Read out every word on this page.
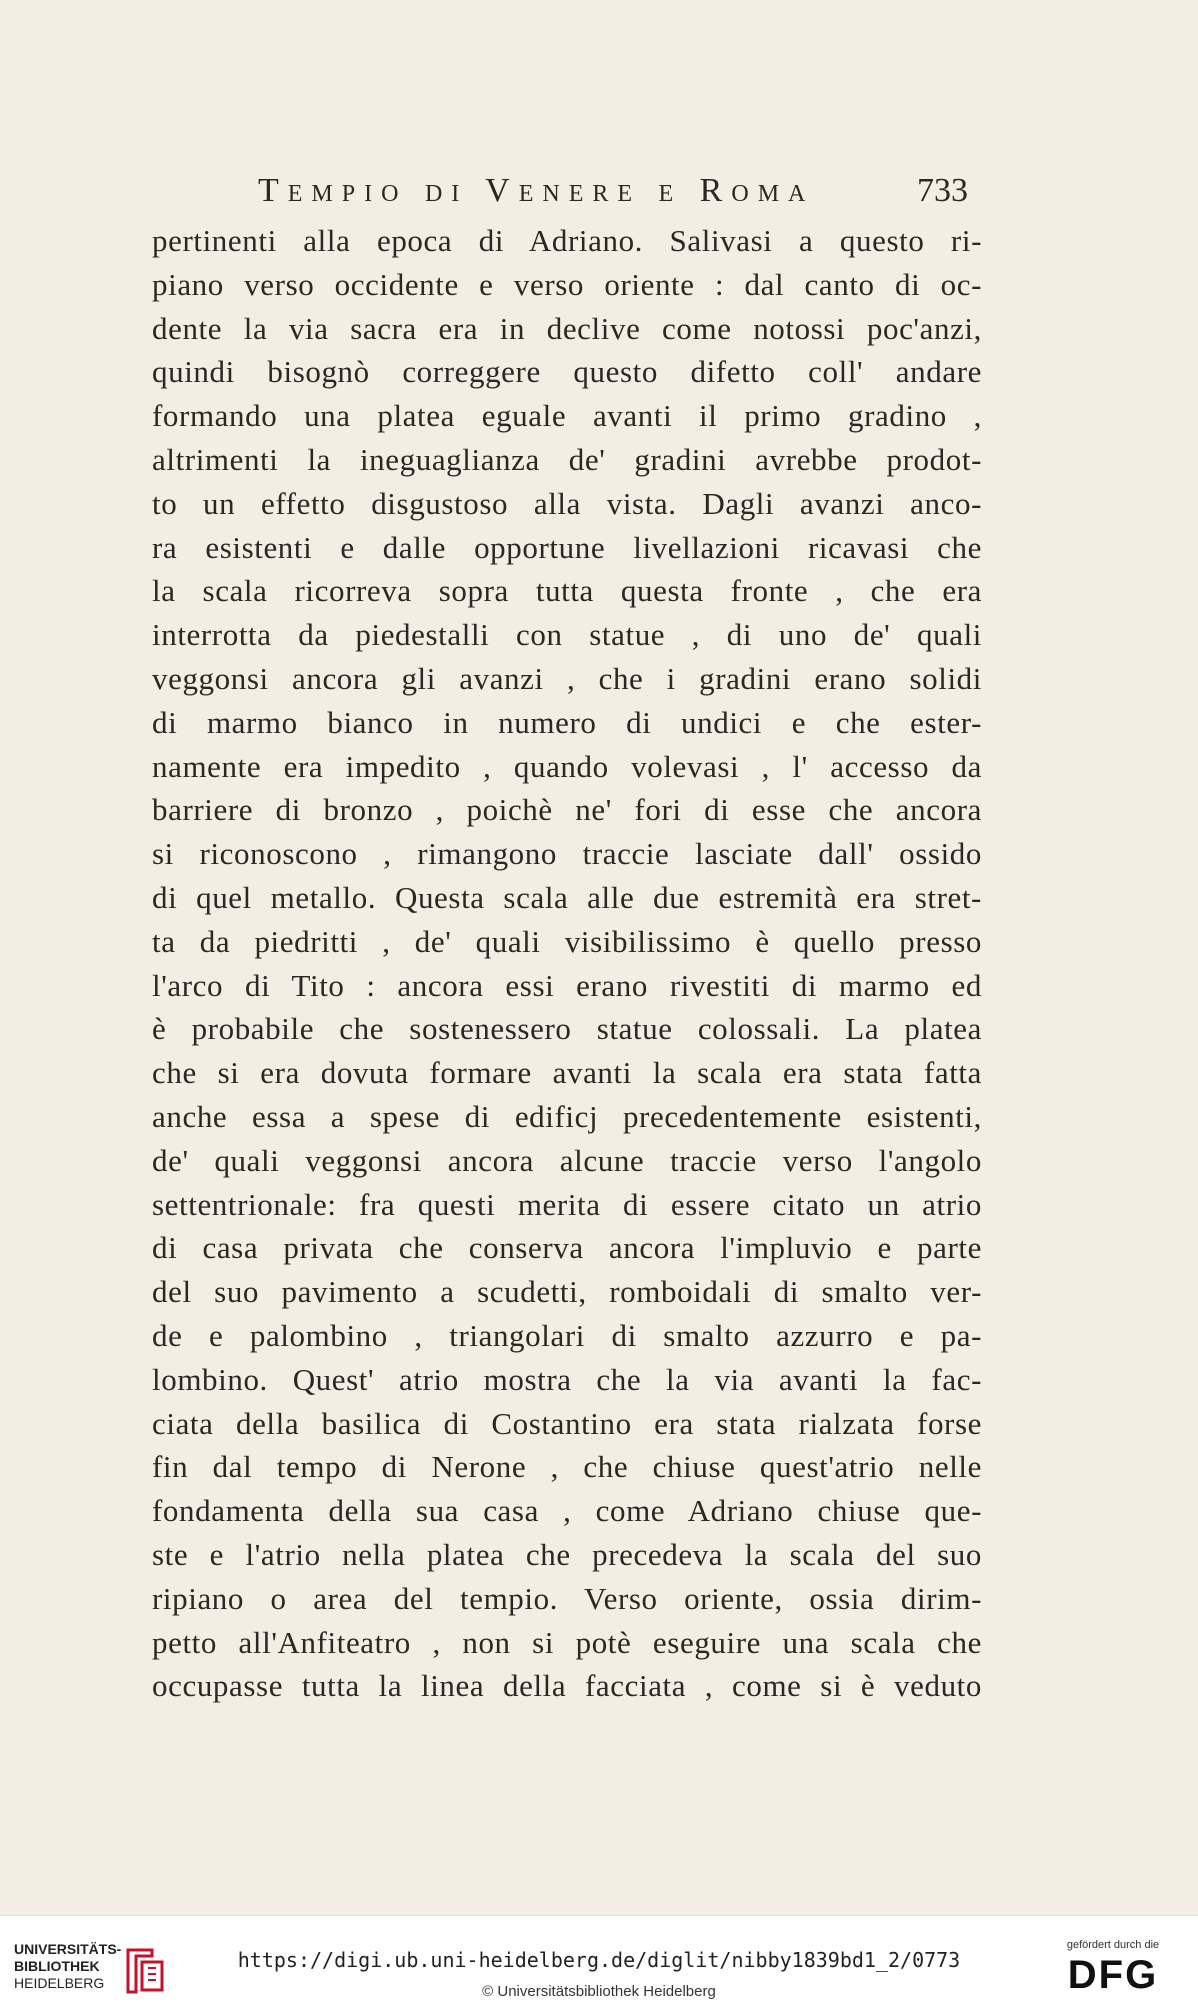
Tempio di Venere e Roma	733
pertinenti alla epoca di Adriano. Salivasi a questo ri-
piano verso occidente e verso oriente : dal canto di oc-
dente la via sacra era in declive come notossi poc'anzi,
quindi bisognò correggere questo difetto coll' andare
formando una platea eguale avanti il primo gradino ,
altrimenti la ineguaglianza de' gradini avrebbe prodot-
to un effetto disgustoso alla vista. Dagli avanzi anco-
ra esistenti e dalle opportune livellazioni ricavasi che
la scala ricorreva sopra tutta questa fronte , che era
interrotta da piedestalli con statue , di uno de' quali
veggonsi ancora gli avanzi , che i gradini erano solidi
di marmo bianco in numero di undici e che ester-
namente era impedito , quando volevasi , l' accesso da
barriere di bronzo , poichè ne' fori di esse che ancora
si riconoscono , rimangono traccie lasciate dall' ossido
di quel metallo. Questa scala alle due estremità era stret-
ta da piedritti , de' quali visibilissimo è quello presso
l'arco di Tito : ancora essi erano rivestiti di marmo ed
è probabile che sostenessero statue colossali. La platea
che si era dovuta formare avanti la scala era stata fatta
anche essa a spese di edificj precedentemente esistenti,
de' quali veggonsi ancora alcune traccie verso l'angolo
settentrionale: fra questi merita di essere citato un atrio
di casa privata che conserva ancora l'impluvio e parte
del suo pavimento a scudetti, romboidali di smalto ver-
de e palombino , triangolari di smalto azzurro e pa-
lombino. Quest' atrio mostra che la via avanti la fac-
ciata della basilica di Costantino era stata rialzata forse
fin dal tempo di Nerone , che chiuse quest'atrio nelle
fondamenta della sua casa , come Adriano chiuse que-
ste e l'atrio nella platea che precedeva la scala del suo
ripiano o area del tempio. Verso oriente, ossia dirim-
petto all'Anfiteatro , non si potè eseguire una scala che
occupasse tutta la linea della facciata , come si è veduto
UNIVERSITÄTS-
BIBLIOTHEK
HEIDELBERG
https://digi.ub.uni-heidelberg.de/diglit/nibby1839bd1_2/0773
© Universitätsbibliothek Heidelberg
gefördert durch die
DFG
